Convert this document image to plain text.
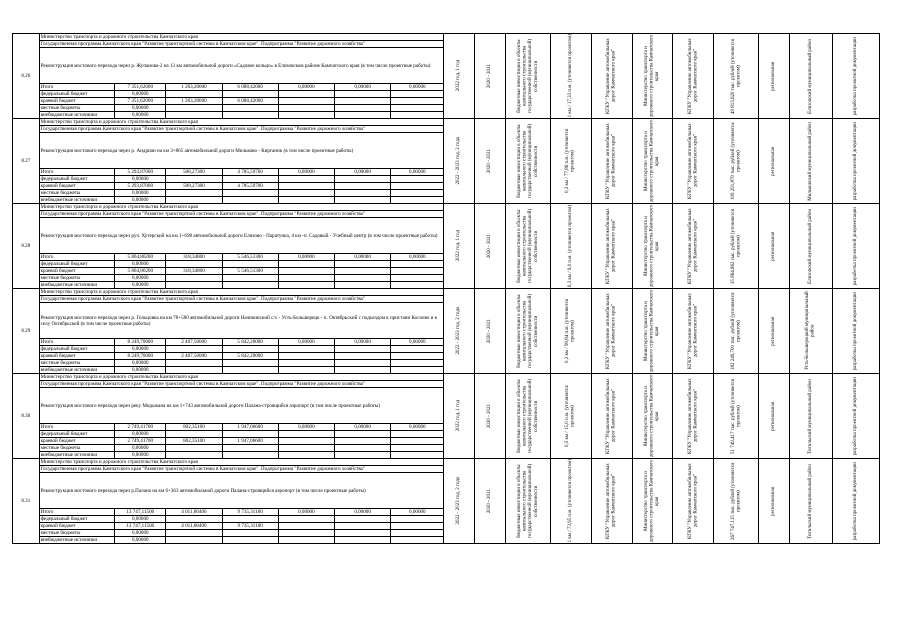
8.26	Министерство транспорта и дорожного строительства Камчатского края							2022 год, 1 год	2020 - 2021	бюджетные инвестиции в объекты капитального строительства государственной (муниципальной) собственности	1 км / 17,33 п.м. (уточняется проектом)	КГКУ "Управление автомобильных дорог Камчатского края"	Министерство транспорта и дорожного строительства Камчатского края	КГКУ "Управление автомобильных дорог Камчатского края"	49 813,620 тыс. рублей (уточняется проектом)	региональная	Елизовский муниципальный район	разработка проектной документации

	Государственная программа Камчатского края "Развитие транспортной системы в Камчатском крае". Подпрограмма "Развитие дорожного хозяйства"																	
	Реконструкция мостового перехода через р. Жупанова-2 на 13 км автомобильной дороги «Садовое кольцо» в Елизовском районе Камчатского края (в том числе проектные работы)																	

	Итого	7 351,62000	1 263,20000	6 088,42000	0,00000	0,00000	0,00000											
	федеральный бюджет	0,00000																
	краевой бюджет	7 351,62000	1 263,20000	6 088,42000														
	местные бюджеты	0,00000																
	внебюджетные источники	0,00000																
8.27	Министерство транспорта и дорожного строительства Камчатского края							2022 - 2023 год, 2 года	2020 - 2021	бюджетные инвестиции в объекты капитального строительства государственной (муниципальной) собственности	0,3 км / 77,86 п.м. (уточняется проектом)	КГКУ "Управление автомобильных дорог Камчатского края"	Министерство транспорта и дорожного строительства Камчатского края	КГКУ "Управление автомобильных дорог Камчатского края"	109 291,870 тыс. рублей (уточняется проектом)	региональная	Мильковский муниципальный район	разработка проектной документации

	Государственная программа Камчатского края "Развитие транспортной системы в Камчатском крае". Подпрограмма "Развитие дорожного хозяйства"																	
	Реконструкция мостового перехода через р. Андриан на км 3+865 автомобильной дороги Мильково - Кирганик (в том числе проектные работы)																	

	Итого	5 293,87000	508,27300	4 785,59700	0,00000	0,00000	0,00000											
	федеральный бюджет	0,00000																
	краевой бюджет	5 293,87000	508,27300	4 785,59700														
	местные бюджеты	0,00000																
	внебюджетные источники	0,00000																
8.28	Министерство транспорта и дорожного строительства Камчатского края							2022 год, 1 год	2020 - 2021	бюджетные инвестиции в объекты капитального строительства государственной (муниципальной) собственности	0,3 км / 9,0 п.м. (уточняется проектом)	КГКУ "Управление автомобильных дорог Камчатского края"	Министерство транспорта и дорожного строительства Камчатского края	КГКУ "Управление автомобильных дорог Камчатского края"	35 864,862 тыс. рублей (уточняется проектом)	региональная	Елизовский муниципальный район	разработка проектной документации

	Государственная программа Камчатского края "Развитие транспортной системы в Камчатском крае". Подпрограмма "Развитие дорожного хозяйства"																	
	Реконструкция мостового перехода через руч. Хутерский на км 1+698 автомобильной дороги Елизово - Паратунка, 4 км -п. Садовый - Учебный центр (в том числе проектные работы)																	

	Итого	5 864,86200	318,34800	5 546,51300	0,00000	0,00000	0,00000											
	федеральный бюджет	0,00000																
	краевой бюджет	5 864,86200	318,34800	5 546,51300														
	местные бюджеты	0,00000																
	внебюджетные источники	0,00000																
8.29	Министерство транспорта и дорожного строительства Камчатского края							2022 - 2023 год, 2 года	2020 - 2021	бюджетные инвестиции в объекты капитального строительства государственной (муниципальной) собственности	0,3 км / 90,84 п.м. (уточняется проектом)	КГКУ "Управление автомобильных дорог Камчатского края"	Министерство транспорта и дорожного строительства Камчатского края	КГКУ "Управление автомобильных дорог Камчатского края"	182 249,700 тыс. рублей (уточняется проектом)	региональная	Усть-Большерецкий муниципальный район	разработка проектной документации

	Государственная программа Камчатского края "Развитие транспортной системы в Камчатском крае". Подпрограмма "Развитие дорожного хозяйства"																	
	Реконструкция мостового перехода через р. Гольцовка на км 78+580 автомобильной дороги Начикинский с/х - Усть-Большерецк - п. Октябрьский с подъездом к пристани Косоево и к селу Октябрьской (в том числе проектные работы)																	

	Итого	8 249,70000	2 407,50000	5 842,20000	0,00000	0,00000	0,00000											
	федеральный бюджет	0,00000																
	краевой бюджет	8 249,70000	2 407,50000	5 842,20000														
	местные бюджеты	0,00000																
	внебюджетные источники	0,00000																
8.30	Министерство транспорта и дорожного строительства Камчатского края							2022 год, 1 год	2020 - 2021	бюджетные инвестиции в объекты капитального строительства государственной (муниципальной) собственности	0,5 км / 15,0 п.м. (уточняется проектом)	КГКУ "Управление автомобильных дорог Камчатского края"	Министерство транспорта и дорожного строительства Камчатского края	КГКУ "Управление автомобильных дорог Камчатского края"	51 749,417 тыс. рублей (уточняется проектом)	региональная	Тигильский муниципальный район	разработка проектной документации

	Государственная программа Камчатского края "Развитие транспортной системы в Камчатском крае". Подпрограмма "Развитие дорожного хозяйства"																	
	Реконструкция мостового перехода через реку Мидыкана на км 1+743 автомобильной дороги Палана-строящийся аэропорт (в том числе проектные работы)																	

	Итого	2 749,41700	802,35100	1 947,06600	0,00000	0,00000	0,00000											
	федеральный бюджет	0,00000																
	краевой бюджет	2 749,41700	802,35100	1 947,06600														
	местные бюджеты	0,00000																
	внебюджетные источники	0,00000																
8.31	Министерство транспорта и дорожного строительства Камчатского края							2022 - 2023 год, 2 года	2020 - 2021	бюджетные инвестиции в объекты капитального строительства государственной (муниципальной) собственности	1 км / 73,95 п.м. (уточняется проектом)	КГКУ "Управление автомобильных дорог Камчатского края"	Министерство транспорта и дорожного строительства Камчатского края	КГКУ "Управление автомобильных дорог Камчатского края"	267 747,115 тыс. рублей (уточняется проектом)	региональная	Тигильский муниципальный район	разработка проектной документации

	Государственная программа Камчатского края "Развитие транспортной системы в Камчатском крае". Подпрограмма "Развитие дорожного хозяйства"																	
	Реконструкция мостового перехода через р.Палана на км 6+363 автомобильной дороги Палана-строящийся аэропорт (в том числе проектные работы)																	

	Итого	13 747,11500	4 011,80400	9 735,31100	0,00000	0,00000	0,00000											
	федеральный бюджет	0,00000																
	краевой бюджет	13 747,11500	4 011,80400	9 735,31100														
	местные бюджеты	0,00000																
	внебюджетные источники	0,00000																
